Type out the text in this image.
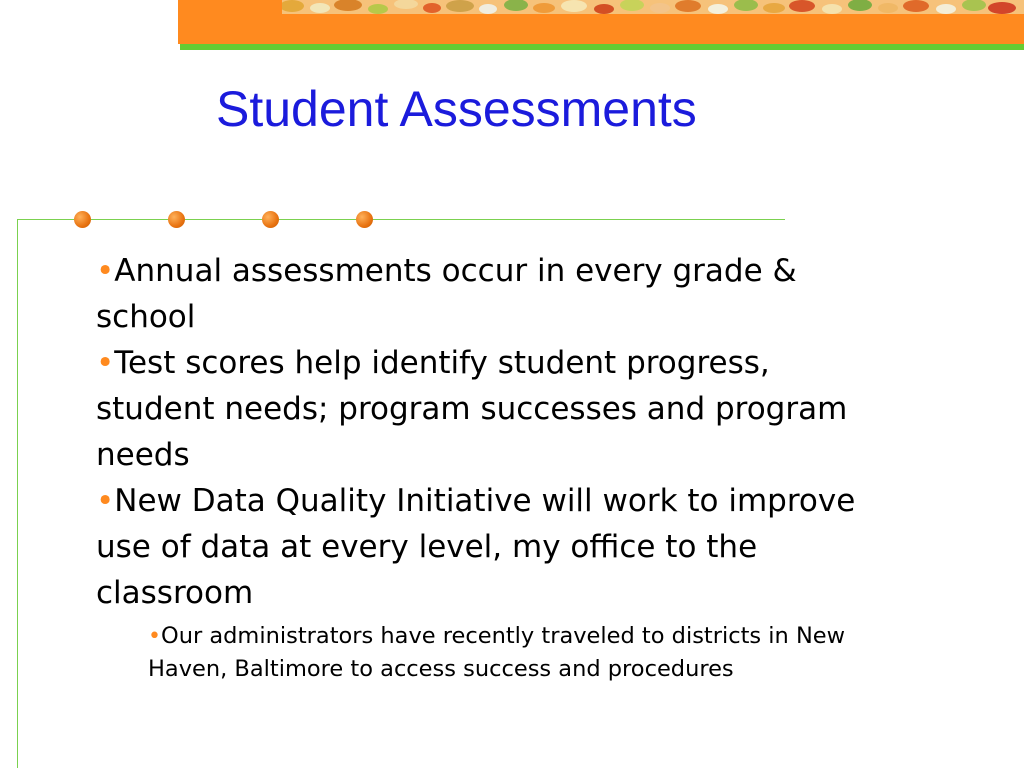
Student Assessments

•Annual assessments occur in every grade & school

•Test scores help identify student progress, student needs; program successes and program needs

•New Data Quality Initiative will work to improve use of data at every level, my office to the classroom

•Our administrators have recently traveled to districts in New Haven, Baltimore to access success and procedures
